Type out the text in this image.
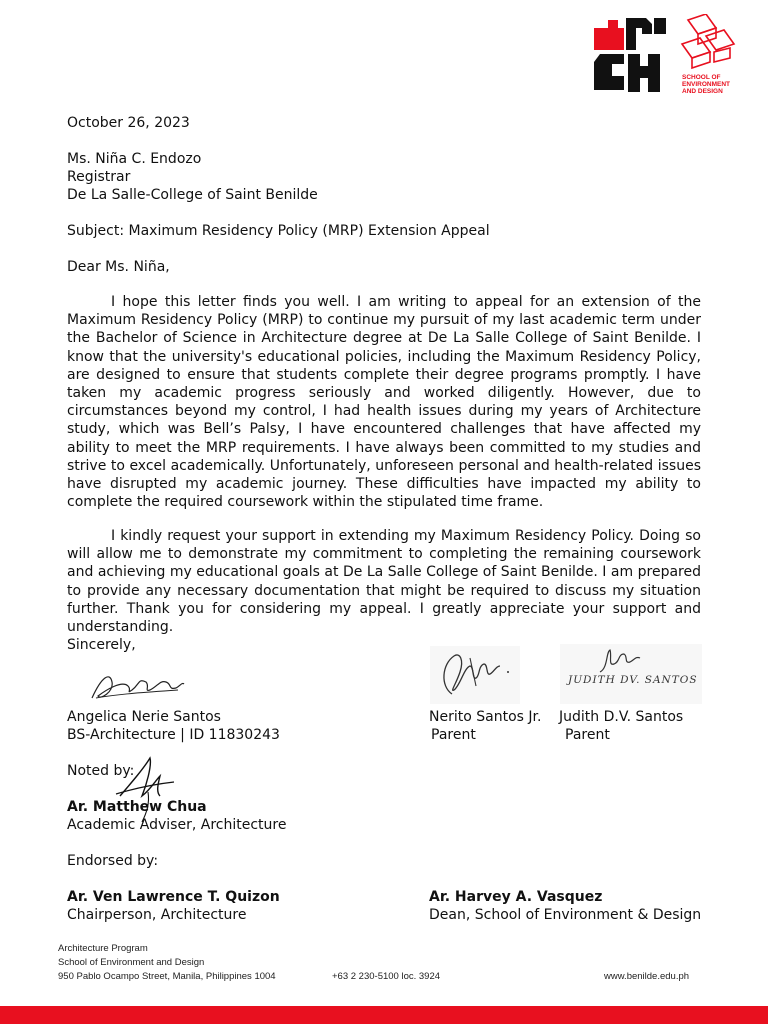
SCHOOL OF
ENVIRONMENT
AND DESIGN
October 26, 2023
Ms. Niña C. Endozo
Registrar
De La Salle-College of Saint Benilde
Subject: Maximum Residency Policy (MRP) Extension Appeal
Dear Ms. Niña,
I hope this letter finds you well. I am writing to appeal for an extension of the Maximum Residency Policy (MRP) to continue my pursuit of my last academic term under the Bachelor of Science in Architecture degree at De La Salle College of Saint Benilde. I know that the university's educational policies, including the Maximum Residency Policy, are designed to ensure that students complete their degree programs promptly. I have taken my academic progress seriously and worked diligently. However, due to circumstances beyond my control, I had health issues during my years of Architecture study, which was Bell’s Palsy, I have encountered challenges that have affected my ability to meet the MRP requirements. I have always been committed to my studies and strive to excel academically. Unfortunately, unforeseen personal and health-related issues have disrupted my academic journey. These difficulties have impacted my ability to complete the required coursework within the stipulated time frame.
I kindly request your support in extending my Maximum Residency Policy. Doing so will allow me to demonstrate my commitment to completing the remaining coursework and achieving my educational goals at De La Salle College of Saint Benilde. I am prepared to provide any necessary documentation that might be required to discuss my situation further. Thank you for considering my appeal. I greatly appreciate your support and understanding.
Sincerely,
Angelica Nerie Santos
BS-Architecture | ID 11830243
Nerito Santos Jr.
Parent
JUDITH DV. SANTOS
Judith D.V. Santos
Parent
Noted by:
Ar. Matthew Chua
Academic Adviser, Architecture
Endorsed by:
Ar. Ven Lawrence T. Quizon
Chairperson, Architecture
Ar. Harvey A. Vasquez
Dean, School of Environment & Design
Architecture Program
School of Environment and Design
950 Pablo Ocampo Street, Manila, Philippines 1004	+63 2 230-5100 loc. 3924	www.benilde.edu.ph
